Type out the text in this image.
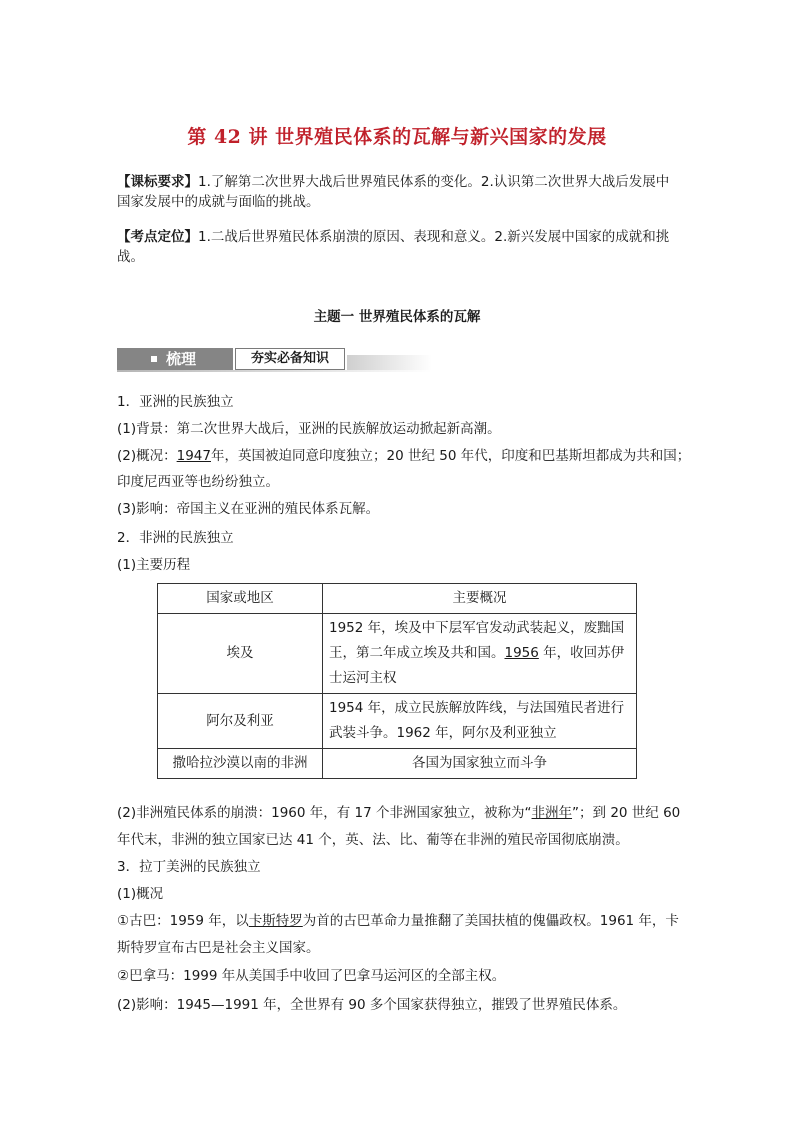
第 42 讲 世界殖民体系的瓦解与新兴国家的发展
【课标要求】1.了解第二次世界大战后世界殖民体系的变化。2.认识第二次世界大战后发展中国家发展中的成就与面临的挑战。
【考点定位】1.二战后世界殖民体系崩溃的原因、表现和意义。2.新兴发展中国家的成就和挑战。
主题一 世界殖民体系的瓦解
梳理	夯实必备知识
1．亚洲的民族独立
(1)背景：第二次世界大战后，亚洲的民族解放运动掀起新高潮。
(2)概况：1947年，英国被迫同意印度独立；20 世纪 50 年代，印度和巴基斯坦都成为共和国；
印度尼西亚等也纷纷独立。
(3)影响：帝国主义在亚洲的殖民体系瓦解。
2．非洲的民族独立
(1)主要历程
国家或地区	主要概况
埃及	1952 年，埃及中下层军官发动武装起义，废黜国王，第二年成立埃及共和国。1956 年，收回苏伊士运河主权
阿尔及利亚	1954 年，成立民族解放阵线，与法国殖民者进行武装斗争。1962 年，阿尔及利亚独立
撒哈拉沙漠以南的非洲	各国为国家独立而斗争
(2)非洲殖民体系的崩溃：1960 年，有 17 个非洲国家独立，被称为“非洲年”；到 20 世纪 60
年代末，非洲的独立国家已达 41 个，英、法、比、葡等在非洲的殖民帝国彻底崩溃。
3．拉丁美洲的民族独立
(1)概况
①古巴：1959 年，以卡斯特罗为首的古巴革命力量推翻了美国扶植的傀儡政权。1961 年，卡
斯特罗宣布古巴是社会主义国家。
②巴拿马：1999 年从美国手中收回了巴拿马运河区的全部主权。
(2)影响：1945—1991 年，全世界有 90 多个国家获得独立，摧毁了世界殖民体系。
